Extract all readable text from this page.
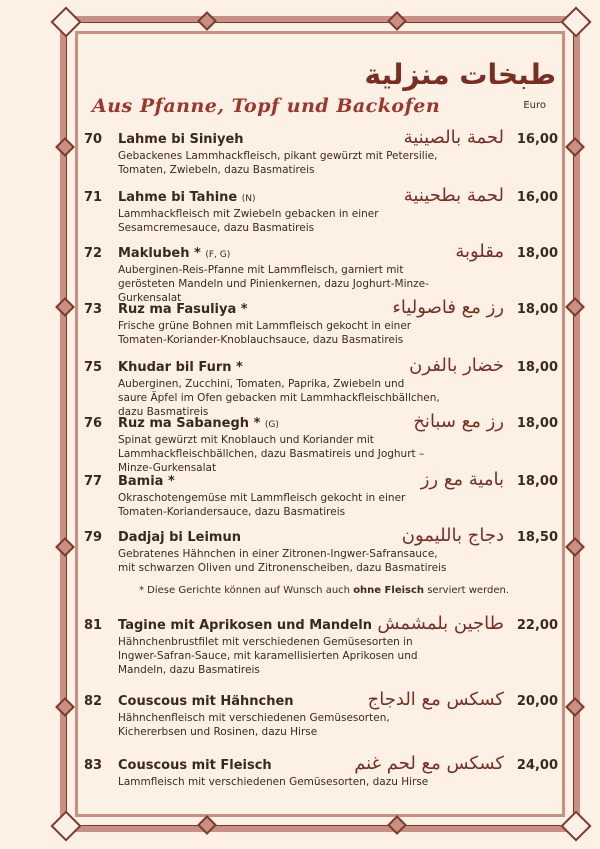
طبخات منزلية
Aus Pfanne, Topf und Backofen	Euro
70 Lahme bi Siniyeh	لحمة بالصينية 16,00
Gebackenes Lammhackfleisch, pikant gewürzt mit Petersilie,
Tomaten, Zwiebeln, dazu Basmatireis
71 Lahme bi Tahine (N)	لحمة بطحينية 16,00
Lammhackfleisch mit Zwiebeln gebacken in einer
Sesamcremesauce, dazu Basmatireis
72 Maklubeh * (F, G)	مقلوبة 18,00
Auberginen-Reis-Pfanne mit Lammfleisch, garniert mit
gerösteten Mandeln und Pinienkernen, dazu Joghurt-Minze-Gurkensalat
73 Ruz ma Fasuliya *	رز مع فاصولياء 18,00
Frische grüne Bohnen mit Lammfleisch gekocht in einer
Tomaten-Koriander-Knoblauchsauce, dazu Basmatireis
75 Khudar bil Furn *	خضار بالفرن 18,00
Auberginen, Zucchini, Tomaten, Paprika, Zwiebeln und
saure Äpfel im Ofen gebacken mit Lammhackfleischbällchen, dazu Basmatireis
76 Ruz ma Sabanegh * (G)	رز مع سبانخ 18,00
Spinat gewürzt mit Knoblauch und Koriander mit
Lammhackfleischbällchen, dazu Basmatireis und Joghurt –Minze-Gurkensalat
77 Bamia *	بامية مع رز 18,00
Okraschotengemüse mit Lammfleisch gekocht in einer
Tomaten-Koriandersauce, dazu Basmatireis
79 Dadjaj bi Leimun	دجاج بالليمون 18,50
Gebratenes Hähnchen in einer Zitronen-Ingwer-Safransauce,
mit schwarzen Oliven und Zitronenscheiben, dazu Basmatireis
81 Tagine mit Aprikosen und Mandeln طاجين بلمشمش 22,00
Hähnchenbrustfilet mit verschiedenen Gemüsesorten in
Ingwer-Safran-Sauce, mit karamellisierten Aprikosen und
Mandeln, dazu Basmatireis
82 Couscous mit Hähnchen	كسكس مع الدجاج 20,00
Hähnchenfleisch mit verschiedenen Gemüsesorten,
Kichererbsen und Rosinen, dazu Hirse
83 Couscous mit Fleisch	كسكس مع لحم غنم 24,00
Lammfleisch mit verschiedenen Gemüsesorten, dazu Hirse
* Diese Gerichte können auf Wunsch auch ohne Fleisch serviert werden.
